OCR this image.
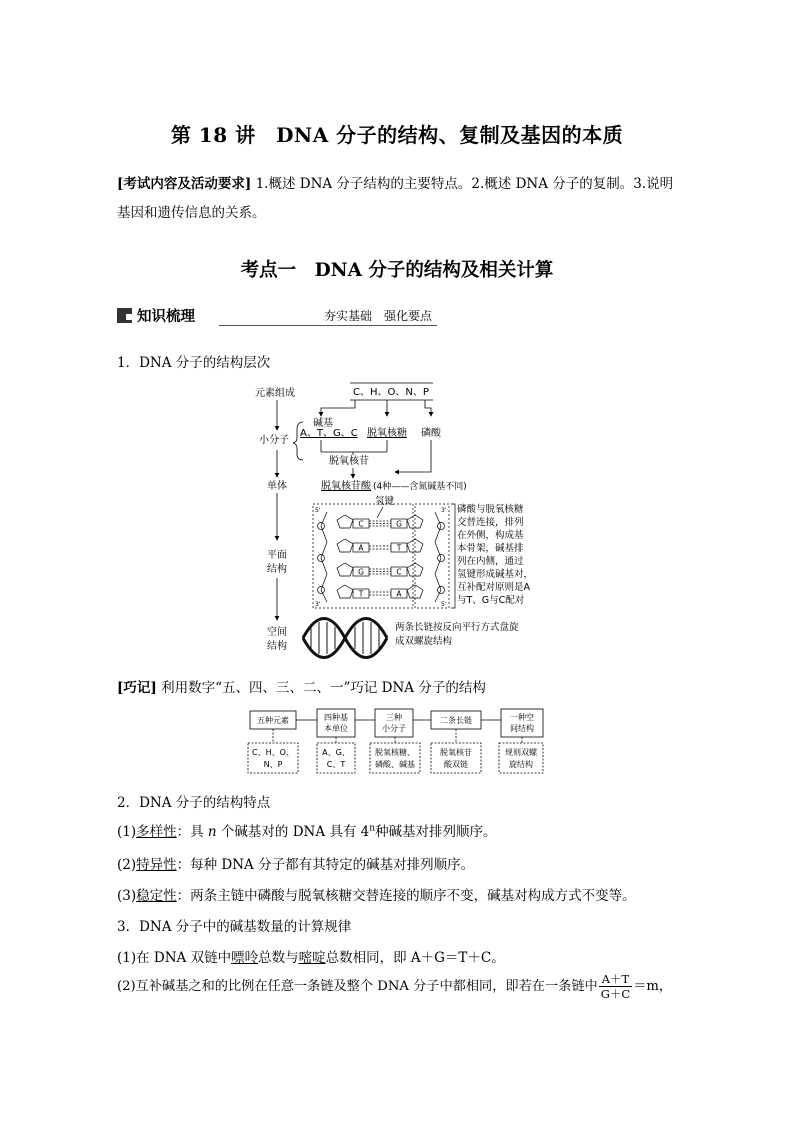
第 18 讲　DNA 分子的结构、复制及基因的本质
[考试内容及活动要求] 1.概述 DNA 分子结构的主要特点。2.概述 DNA 分子的复制。3.说明
基因和遗传信息的关系。
考点一　DNA 分子的结构及相关计算
知识梳理	夯实基础　强化要点
1．DNA 分子的结构层次
元素组成
小分子
单体
平面
结构
空间
结构
C、H、O、N、P
碱基
A、T、G、C 脱氧核糖 磷酸
脱氧核苷
脱氧核苷酸 (4种——含氮碱基不同)
氢键
C
A
G
T
G
T
C
A
5'
3'
3'
5'
磷酸与脱氧核糖
交替连接，排列
在外侧，构成基
本骨架，碱基排
列在内侧，通过
氢键形成碱基对，
互补配对原则是A
与T、G与C配对
两条长链按反向平行方式盘旋
成双螺旋结构
[巧记] 利用数字“五、四、三、二、一”巧记 DNA 分子的结构
五种元素	四种基
本单位
三种
小分子
二条长链	一种空
间结构
C、H、O、
N、P
A、G、
C、T
脱氧核糖、
磷酸、碱基
脱氧核苷
酸双链
规则双螺
旋结构
2．DNA 分子的结构特点
(1)多样性：具 n 个碱基对的 DNA 具有 4$^n$种碱基对排列顺序。
(2)特异性：每种 DNA 分子都有其特定的碱基对排列顺序。
(3)稳定性：两条主链中磷酸与脱氧核糖交替连接的顺序不变，碱基对构成方式不变等。
3．DNA 分子中的碱基数量的计算规律
(1)在 DNA 双链中嘌呤总数与嘧啶总数相同，即 A＋G＝T＋C。
(2)互补碱基之和的比例在任意一条链及整个 DNA 分子中都相同，即若在一条链中 $\frac{A+T}{G+C} =m$，
